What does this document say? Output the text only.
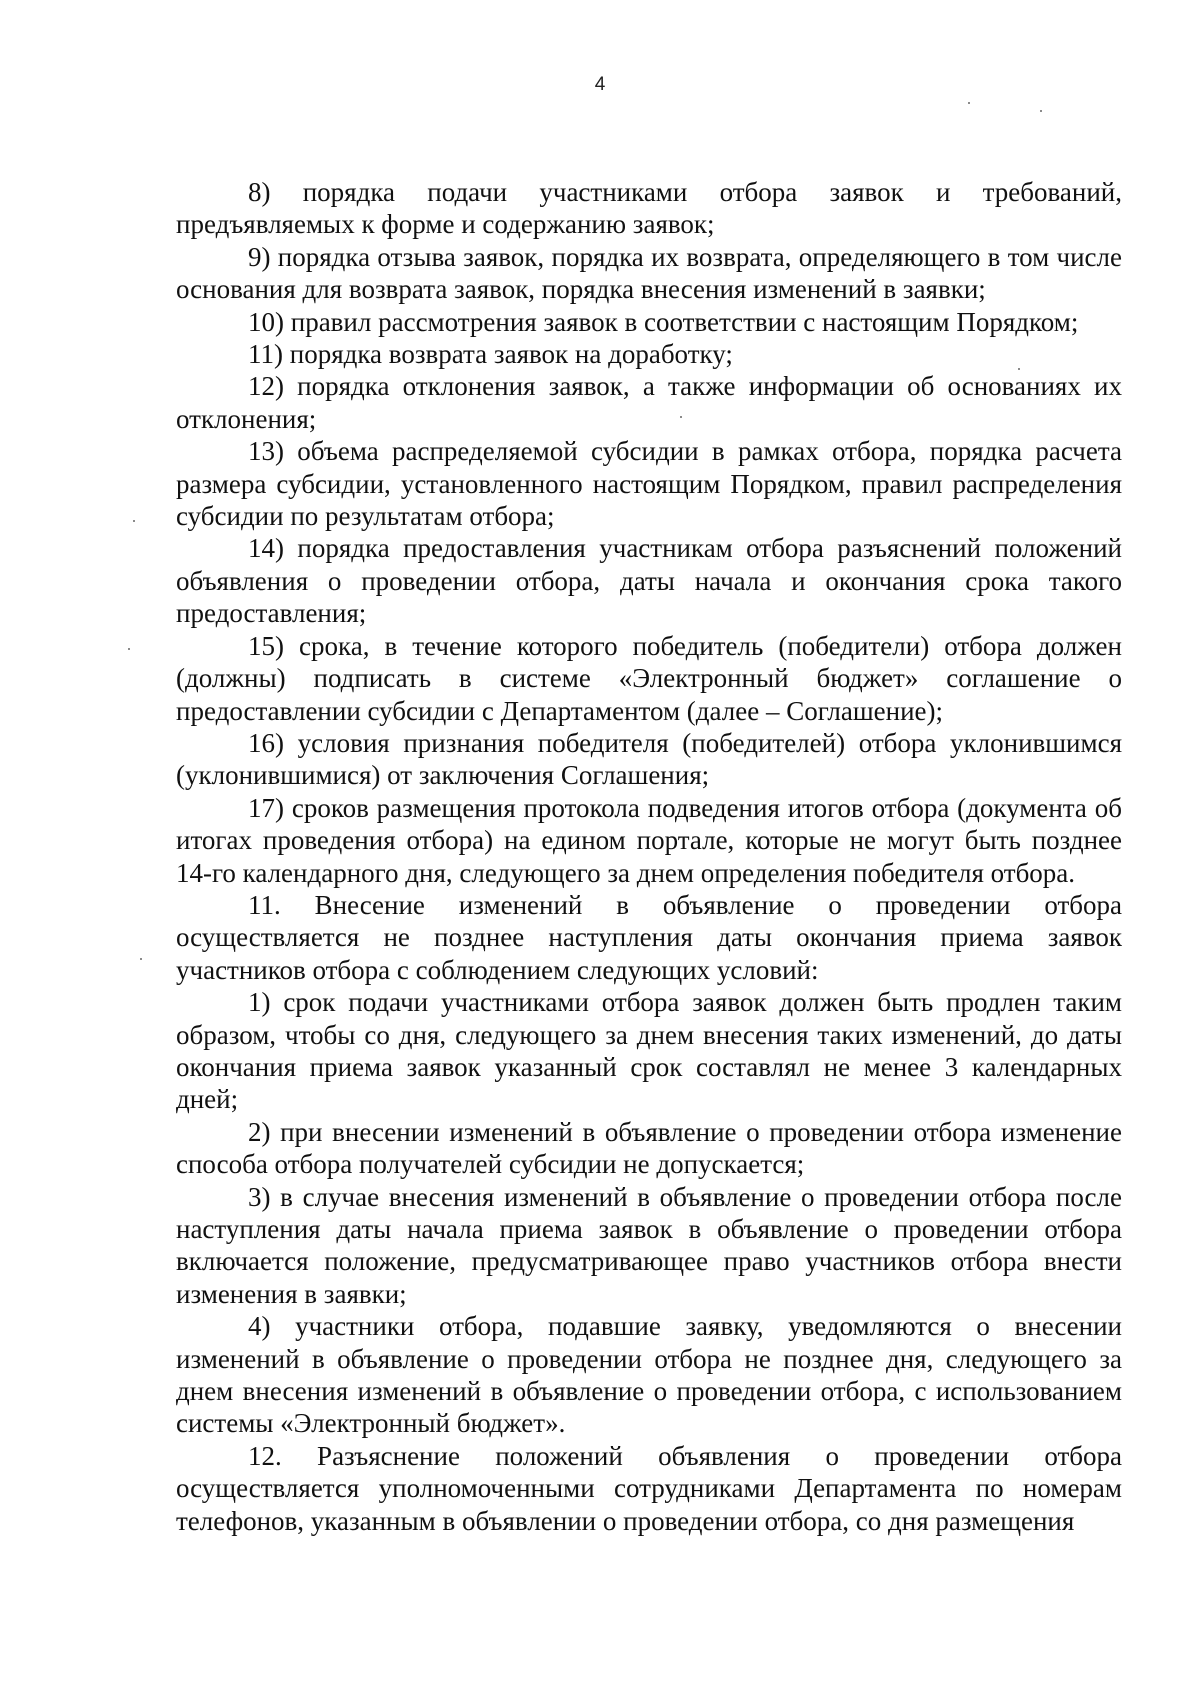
4

8) порядка подачи участниками отбора заявок и требований, предъявляемых к форме и содержанию заявок;

9) порядка отзыва заявок, порядка их возврата, определяющего в том числе основания для возврата заявок, порядка внесения изменений в заявки;

10) правил рассмотрения заявок в соответствии с настоящим Порядком;

11) порядка возврата заявок на доработку;

12) порядка отклонения заявок, а также информации об основаниях их отклонения;

13) объема распределяемой субсидии в рамках отбора, порядка расчета размера субсидии, установленного настоящим Порядком, правил распределения субсидии по результатам отбора;

14) порядка предоставления участникам отбора разъяснений положений объявления о проведении отбора, даты начала и окончания срока такого предоставления;

15) срока, в течение которого победитель (победители) отбора должен (должны) подписать в системе «Электронный бюджет» соглашение о предоставлении субсидии с Департаментом (далее – Соглашение);

16) условия признания победителя (победителей) отбора уклонившимся (уклонившимися) от заключения Соглашения;

17) сроков размещения протокола подведения итогов отбора (документа об итогах проведения отбора) на едином портале, которые не могут быть позднее 14-го календарного дня, следующего за днем определения победителя отбора.

11. Внесение изменений в объявление о проведении отбора осуществляется не позднее наступления даты окончания приема заявок участников отбора с соблюдением следующих условий:

1) срок подачи участниками отбора заявок должен быть продлен таким образом, чтобы со дня, следующего за днем внесения таких изменений, до даты окончания приема заявок указанный срок составлял не менее 3 календарных дней;

2) при внесении изменений в объявление о проведении отбора изменение способа отбора получателей субсидии не допускается;

3) в случае внесения изменений в объявление о проведении отбора после наступления даты начала приема заявок в объявление о проведении отбора включается положение, предусматривающее право участников отбора внести изменения в заявки;

4) участники отбора, подавшие заявку, уведомляются о внесении изменений в объявление о проведении отбора не позднее дня, следующего за днем внесения изменений в объявление о проведении отбора, с использованием системы «Электронный бюджет».

12. Разъяснение положений объявления о проведении отбора осуществляется уполномоченными сотрудниками Департамента по номерам телефонов, указанным в объявлении о проведении отбора, со дня размещения
